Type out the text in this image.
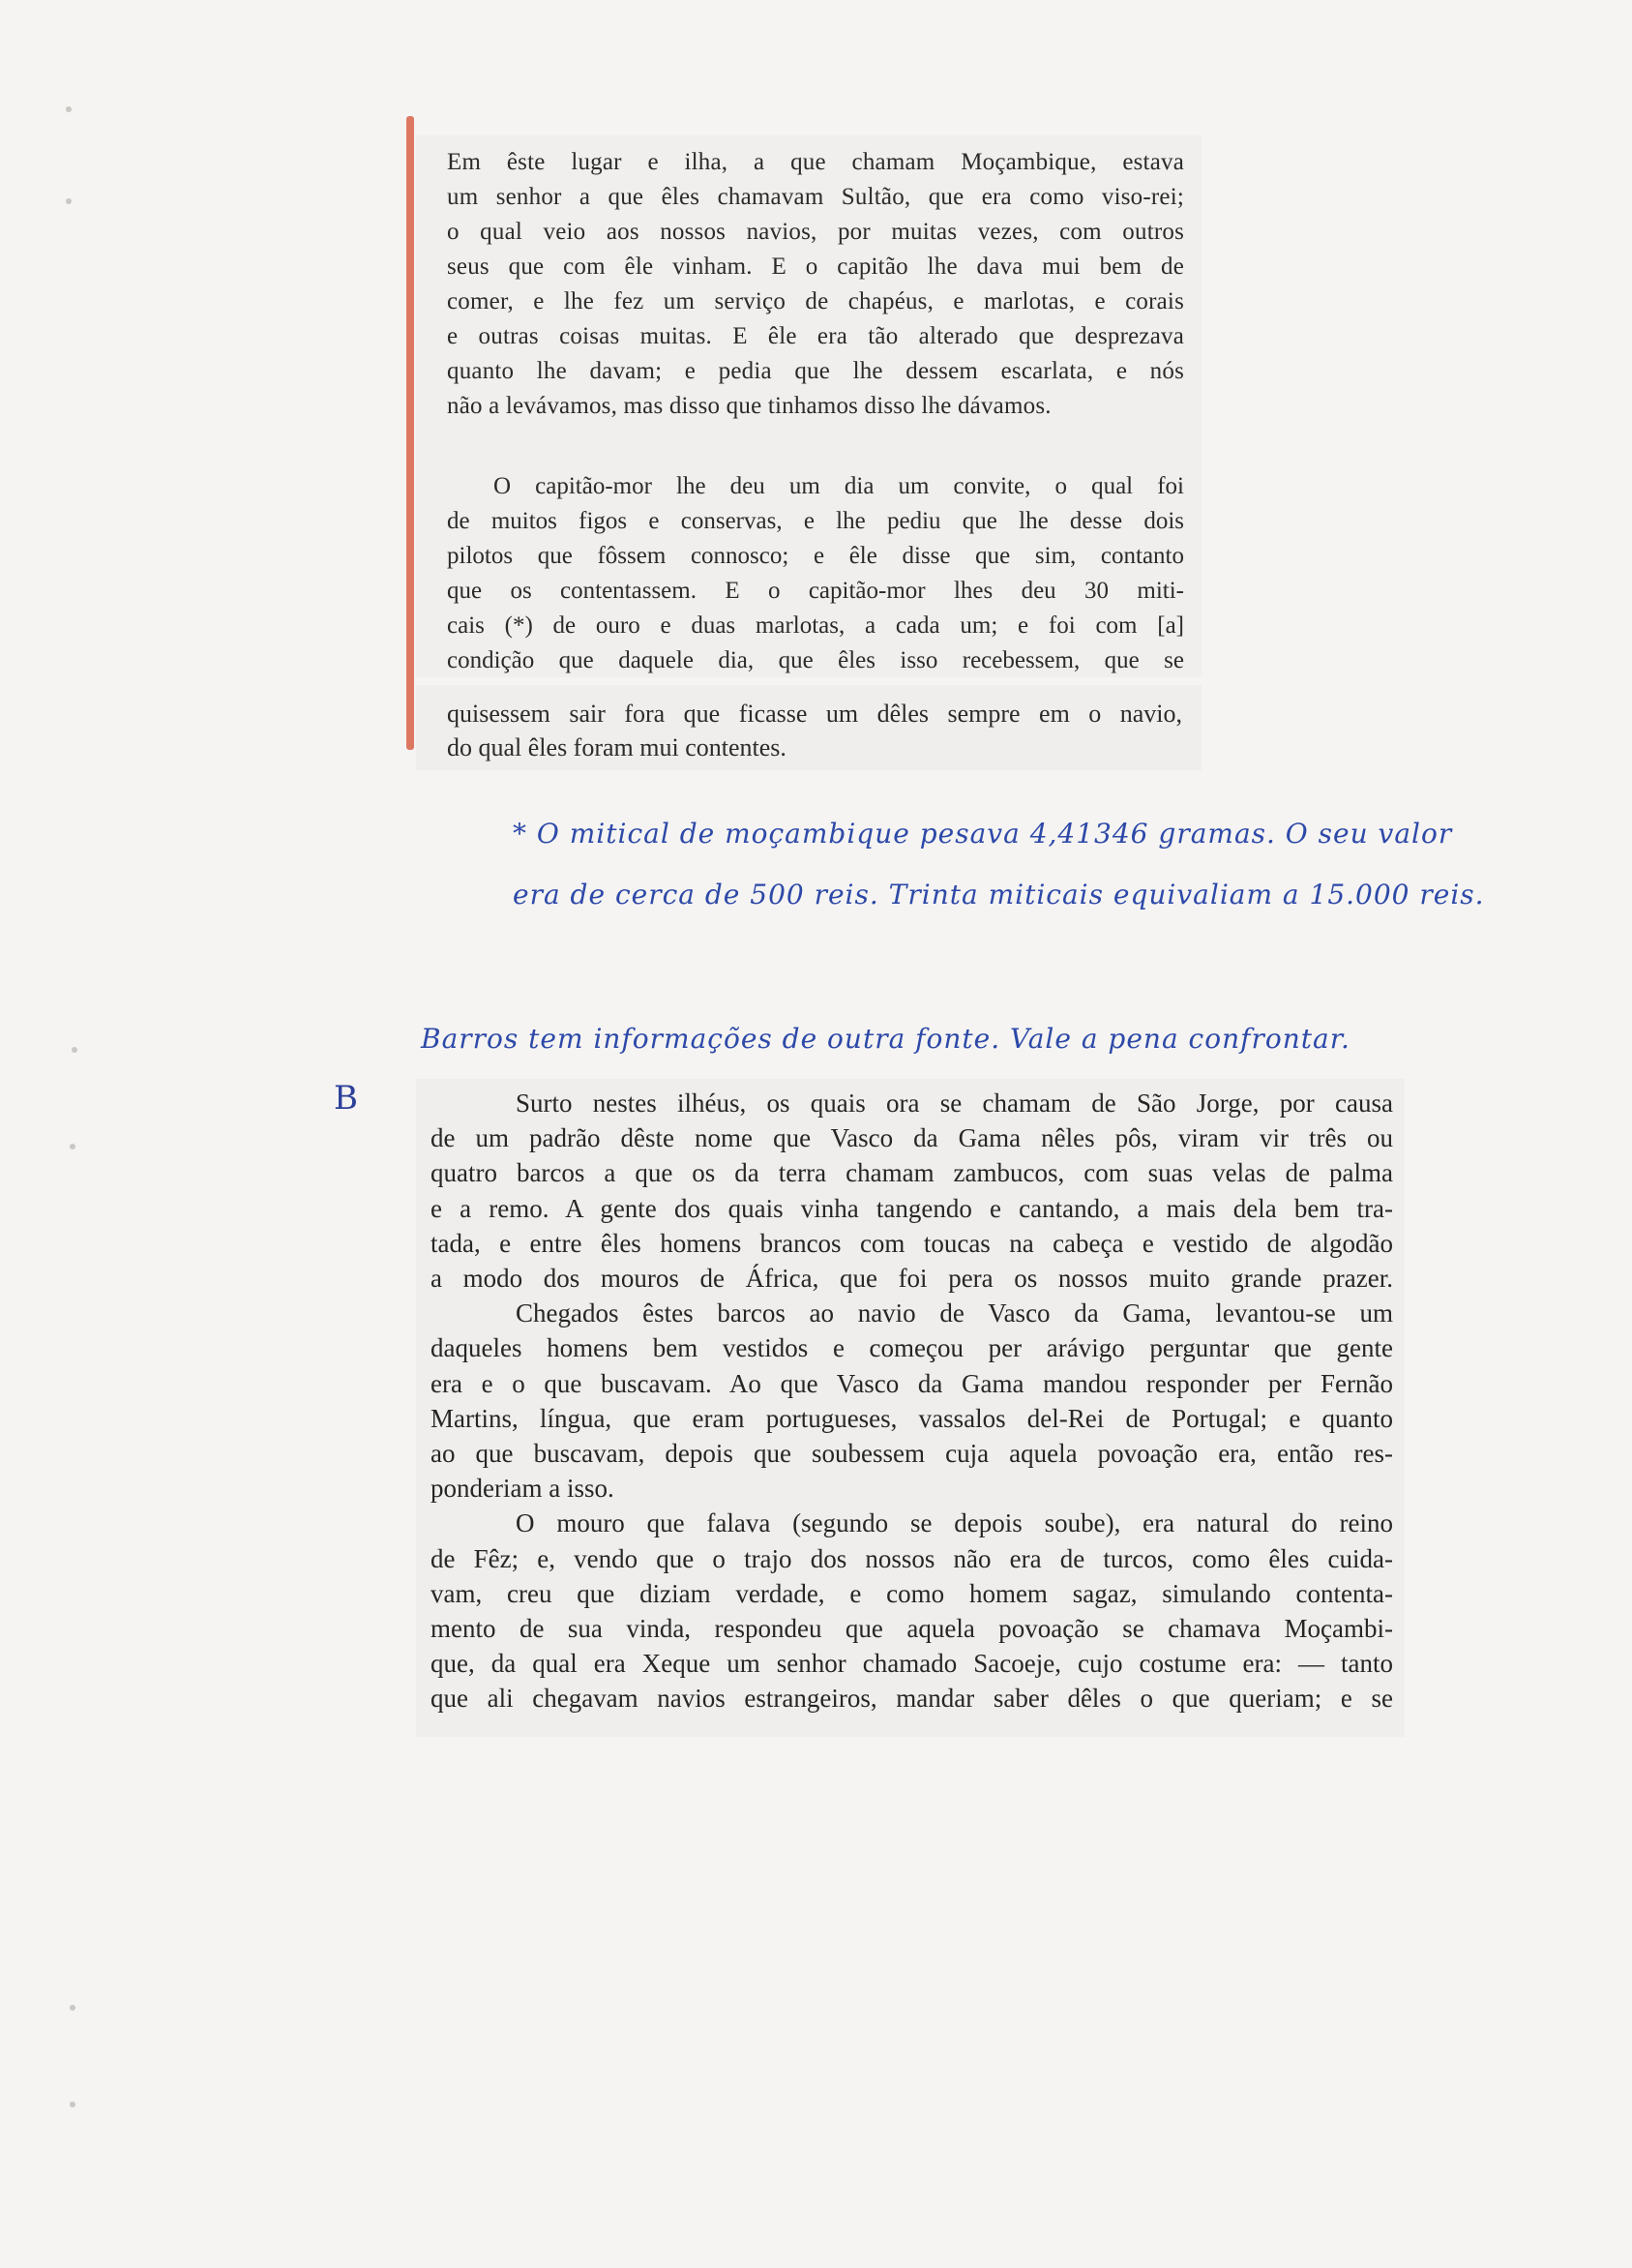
Em êste lugar e ilha, a que chamam Moçambique, estava
um senhor a que êles chamavam Sultão, que era como viso-rei;
o qual veio aos nossos navios, por muitas vezes, com outros
seus que com êle vinham. E o capitão lhe dava mui bem de
comer, e lhe fez um serviço de chapéus, e marlotas, e corais
e outras coisas muitas. E êle era tão alterado que desprezava
quanto lhe davam; e pedia que lhe dessem escarlata, e nós
não a levávamos, mas disso que tinhamos disso lhe dávamos.

O capitão-mor lhe deu um dia um convite, o qual foi
de muitos figos e conservas, e lhe pediu que lhe desse dois
pilotos que fôssem connosco; e êle disse que sim, contanto
que os contentassem. E o capitão-mor lhes deu 30 miti-
cais (*) de ouro e duas marlotas, a cada um; e foi com [a]
condição que daquele dia, que êles isso recebessem, que se

quisessem sair fora que ficasse um dêles sempre em o navio,
do qual êles foram mui contentes.

* O mitical de moçambique pesava 4,41346 gramas. O seu valor
era de cerca de 500 reis. Trinta miticais equivaliam a 15.000 reis.
Barros tem informações de outra fonte. Vale a pena confrontar.
B	Surto nestes ilhéus, os quais ora se chamam de São Jorge, por causa
de um padrão dêste nome que Vasco da Gama nêles pôs, viram vir três ou
quatro barcos a que os da terra chamam zambucos, com suas velas de palma
e a remo. A gente dos quais vinha tangendo e cantando, a mais dela bem tra-
tada, e entre êles homens brancos com toucas na cabeça e vestido de algodão
a modo dos mouros de África, que foi pera os nossos muito grande prazer.
Chegados êstes barcos ao navio de Vasco da Gama, levantou-se um
daqueles homens bem vestidos e começou per arávigo perguntar que gente
era e o que buscavam. Ao que Vasco da Gama mandou responder per Fernão
Martins, língua, que eram portugueses, vassalos del-Rei de Portugal; e quanto
ao que buscavam, depois que soubessem cuja aquela povoação era, então res-
ponderiam a isso.
O mouro que falava (segundo se depois soube), era natural do reino
de Fêz; e, vendo que o trajo dos nossos não era de turcos, como êles cuida-
vam, creu que diziam verdade, e como homem sagaz, simulando contenta-
mento de sua vinda, respondeu que aquela povoação se chamava Moçambi-
que, da qual era Xeque um senhor chamado Sacoeje, cujo costume era: — tanto
que ali chegavam navios estrangeiros, mandar saber dêles o que queriam; e se
